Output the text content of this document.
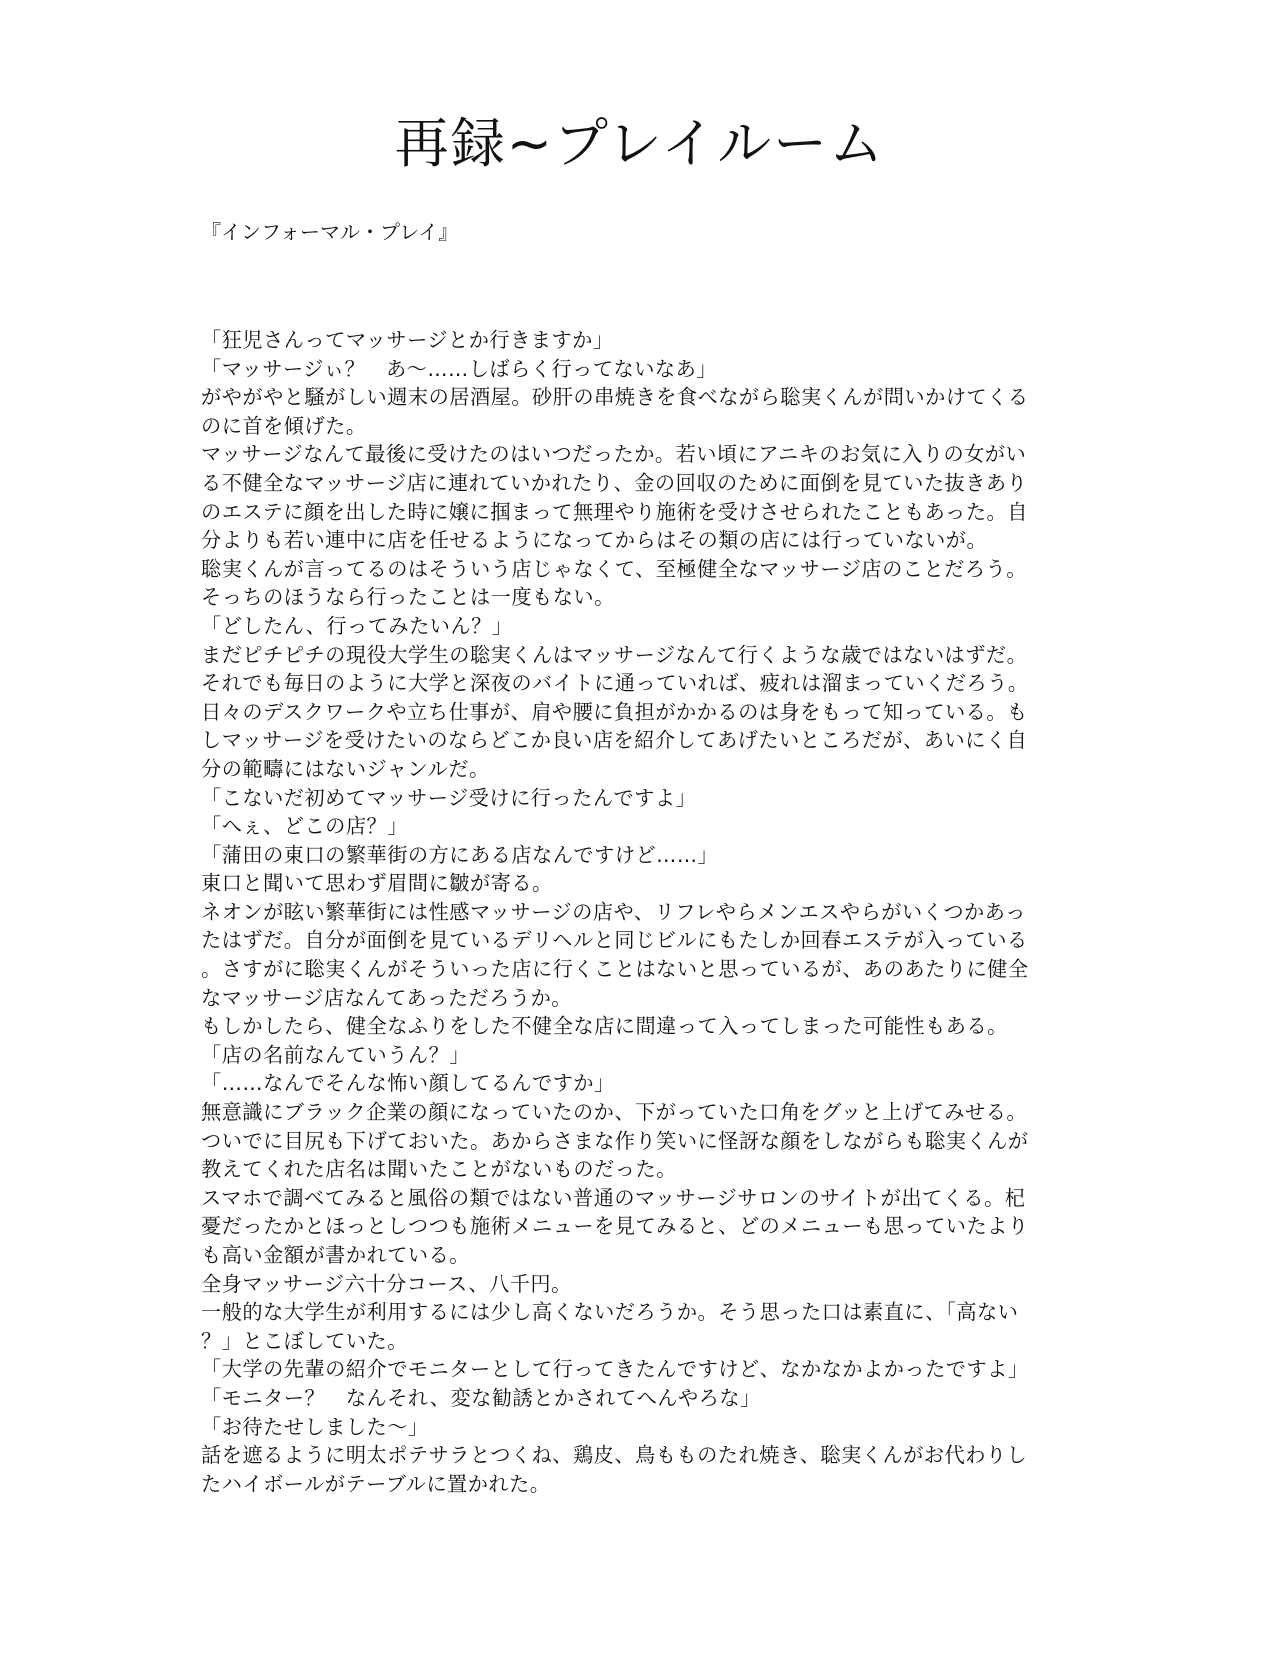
再録~プレイルーム

『インフォーマル・プレイ』

「狂児さんってマッサージとか行きますか」

「マッサージぃ？　あ〜……しばらく行ってないなあ」

がやがやと騒がしい週末の居酒屋。砂肝の串焼きを食べながら聡実くんが問いかけてくる

のに首を傾げた。

マッサージなんて最後に受けたのはいつだったか。若い頃にアニキのお気に入りの女がい

る不健全なマッサージ店に連れていかれたり、金の回収のために面倒を見ていた抜きあり

のエステに顔を出した時に嬢に掴まって無理やり施術を受けさせられたこともあった。自

分よりも若い連中に店を任せるようになってからはその類の店には行っていないが。

聡実くんが言ってるのはそういう店じゃなくて、至極健全なマッサージ店のことだろう。

そっちのほうなら行ったことは一度もない。

「どしたん、行ってみたいん？」

まだピチピチの現役大学生の聡実くんはマッサージなんて行くような歳ではないはずだ。

それでも毎日のように大学と深夜のバイトに通っていれば、疲れは溜まっていくだろう。

日々のデスクワークや立ち仕事が、肩や腰に負担がかかるのは身をもって知っている。も

しマッサージを受けたいのならどこか良い店を紹介してあげたいところだが、あいにく自

分の範疇にはないジャンルだ。

「こないだ初めてマッサージ受けに行ったんですよ」

「へぇ、どこの店？」

「蒲田の東口の繁華街の方にある店なんですけど……」

東口と聞いて思わず眉間に皺が寄る。

ネオンが眩い繁華街には性感マッサージの店や、リフレやらメンエスやらがいくつかあっ

たはずだ。自分が面倒を見ているデリヘルと同じビルにもたしか回春エステが入っている

。さすがに聡実くんがそういった店に行くことはないと思っているが、あのあたりに健全

なマッサージ店なんてあっただろうか。

もしかしたら、健全なふりをした不健全な店に間違って入ってしまった可能性もある。

「店の名前なんていうん？」

「……なんでそんな怖い顔してるんですか」

無意識にブラック企業の顔になっていたのか、下がっていた口角をグッと上げてみせる。

ついでに目尻も下げておいた。あからさまな作り笑いに怪訝な顔をしながらも聡実くんが

教えてくれた店名は聞いたことがないものだった。

スマホで調べてみると風俗の類ではない普通のマッサージサロンのサイトが出てくる。杞

憂だったかとほっとしつつも施術メニューを見てみると、どのメニューも思っていたより

も高い金額が書かれている。

全身マッサージ六十分コース、八千円。

一般的な大学生が利用するには少し高くないだろうか。そう思った口は素直に、「高ない

？」とこぼしていた。

「大学の先輩の紹介でモニターとして行ってきたんですけど、なかなかよかったですよ」

「モニター？　なんそれ、変な勧誘とかされてへんやろな」

「お待たせしました〜」

話を遮るように明太ポテサラとつくね、鶏皮、鳥もものたれ焼き、聡実くんがお代わりし

たハイボールがテーブルに置かれた。
